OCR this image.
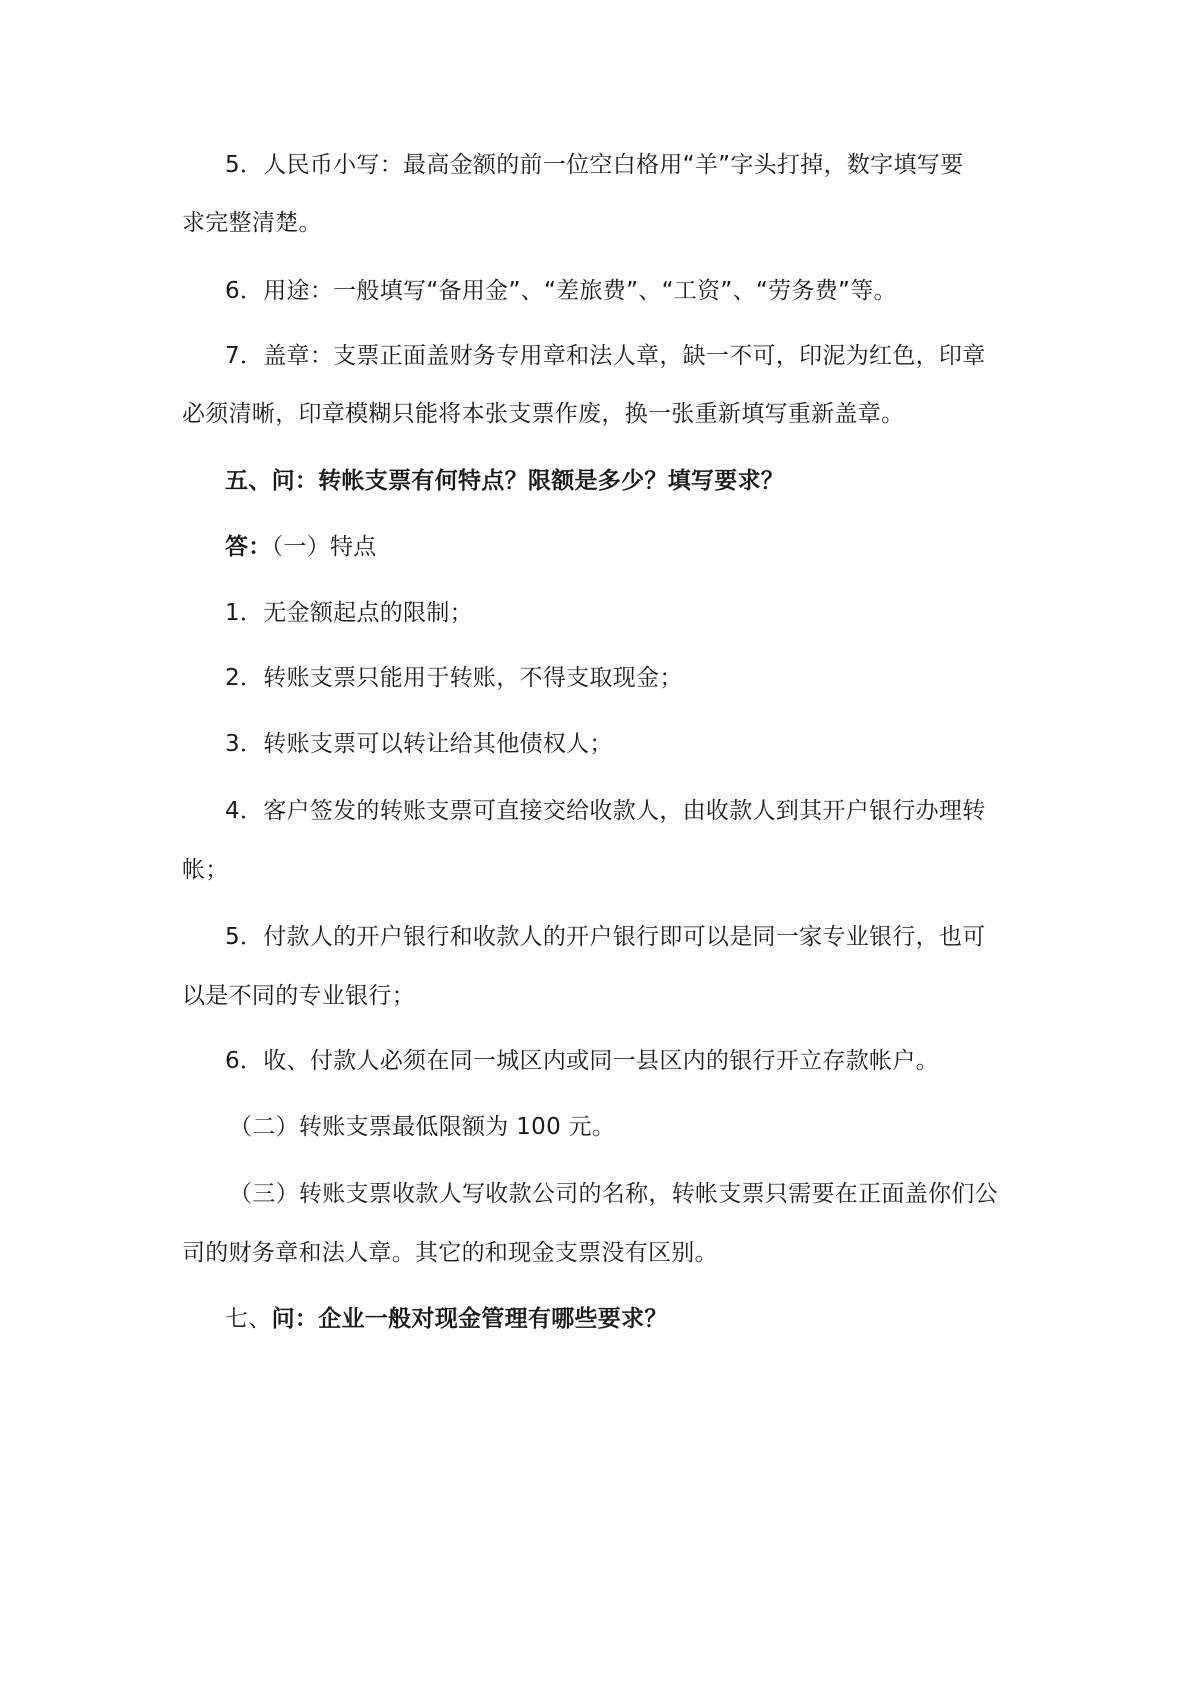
5．人民币小写：最高金额的前一位空白格用“羊”字头打掉，数字填写要
求完整清楚。
6．用途：一般填写“备用金”、“差旅费”、“工资”、“劳务费”等。
7．盖章：支票正面盖财务专用章和法人章，缺一不可，印泥为红色，印章
必须清晰，印章模糊只能将本张支票作废，换一张重新填写重新盖章。
五、问：转帐支票有何特点？限额是多少？填写要求？
答：（一）特点
1．无金额起点的限制；
2．转账支票只能用于转账，不得支取现金；
3．转账支票可以转让给其他债权人；
4．客户签发的转账支票可直接交给收款人，由收款人到其开户银行办理转
帐；
5．付款人的开户银行和收款人的开户银行即可以是同一家专业银行，也可
以是不同的专业银行；
6．收、付款人必须在同一城区内或同一县区内的银行开立存款帐户。
（二）转账支票最低限额为 100 元。
（三）转账支票收款人写收款公司的名称，转帐支票只需要在正面盖你们公
司的财务章和法人章。其它的和现金支票没有区别。
七、问：企业一般对现金管理有哪些要求？
